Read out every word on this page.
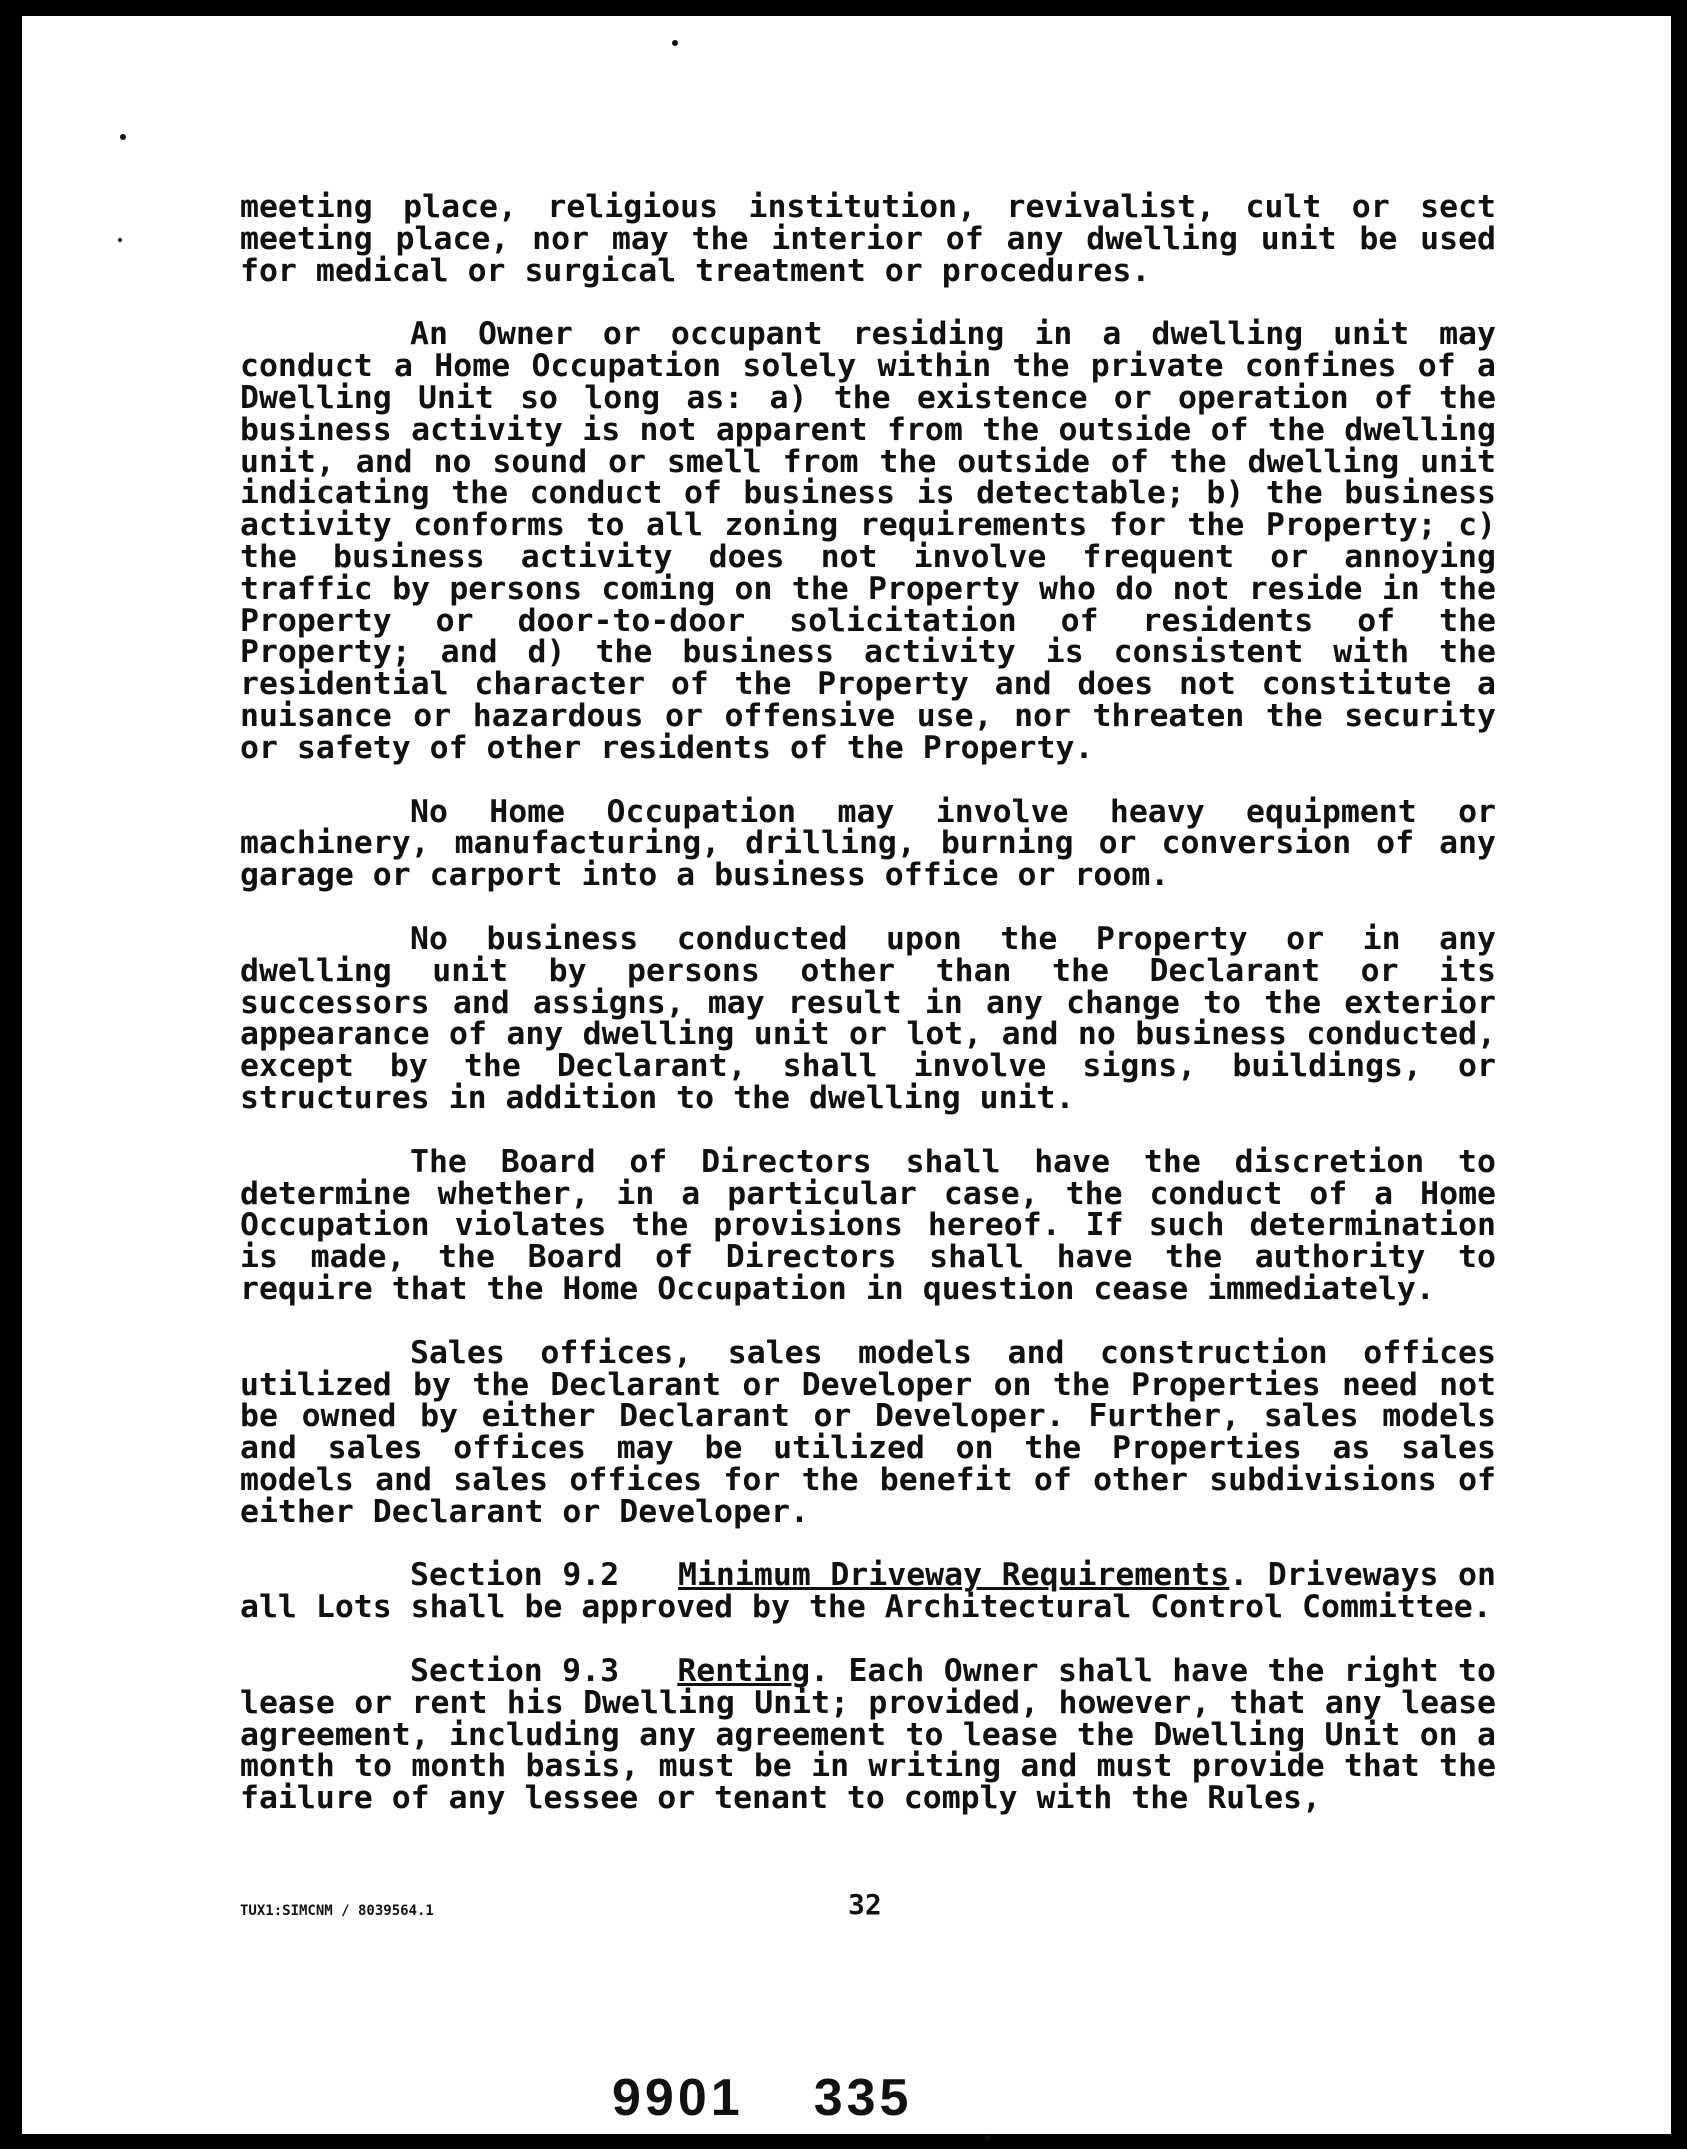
meeting place, religious institution, revivalist, cult or sect meeting place, nor may the interior of any dwelling unit be used for medical or surgical treatment or procedures.

An Owner or occupant residing in a dwelling unit may conduct a Home Occupation solely within the private confines of a Dwelling Unit so long as: a) the existence or operation of the business activity is not apparent from the outside of the dwelling unit, and no sound or smell from the outside of the dwelling unit indicating the conduct of business is detectable; b) the business activity conforms to all zoning requirements for the Property; c) the business activity does not involve frequent or annoying traffic by persons coming on the Property who do not reside in the Property or door-to-door solicitation of residents of the Property; and d) the business activity is consistent with the residential character of the Property and does not constitute a nuisance or hazardous or offensive use, nor threaten the security or safety of other residents of the Property.

No Home Occupation may involve heavy equipment or machinery, manufacturing, drilling, burning or conversion of any garage or carport into a business office or room.

No business conducted upon the Property or in any dwelling unit by persons other than the Declarant or its successors and assigns, may result in any change to the exterior appearance of any dwelling unit or lot, and no business conducted, except by the Declarant, shall involve signs, buildings, or structures in addition to the dwelling unit.

The Board of Directors shall have the discretion to determine whether, in a particular case, the conduct of a Home Occupation violates the provisions hereof. If such determination is made, the Board of Directors shall have the authority to require that the Home Occupation in question cease immediately.

Sales offices, sales models and construction offices utilized by the Declarant or Developer on the Properties need not be owned by either Declarant or Developer. Further, sales models and sales offices may be utilized on the Properties as sales models and sales offices for the benefit of other subdivisions of either Declarant or Developer.

Section 9.2 Minimum Driveway Requirements. Driveways on all Lots shall be approved by the Architectural Control Committee.

Section 9.3 Renting. Each Owner shall have the right to lease or rent his Dwelling Unit; provided, however, that any lease agreement, including any agreement to lease the Dwelling Unit on a month to month basis, must be in writing and must provide that the failure of any lessee or tenant to comply with the Rules,

TUX1:SIMCNM / 8039564.1	32
9901 335
